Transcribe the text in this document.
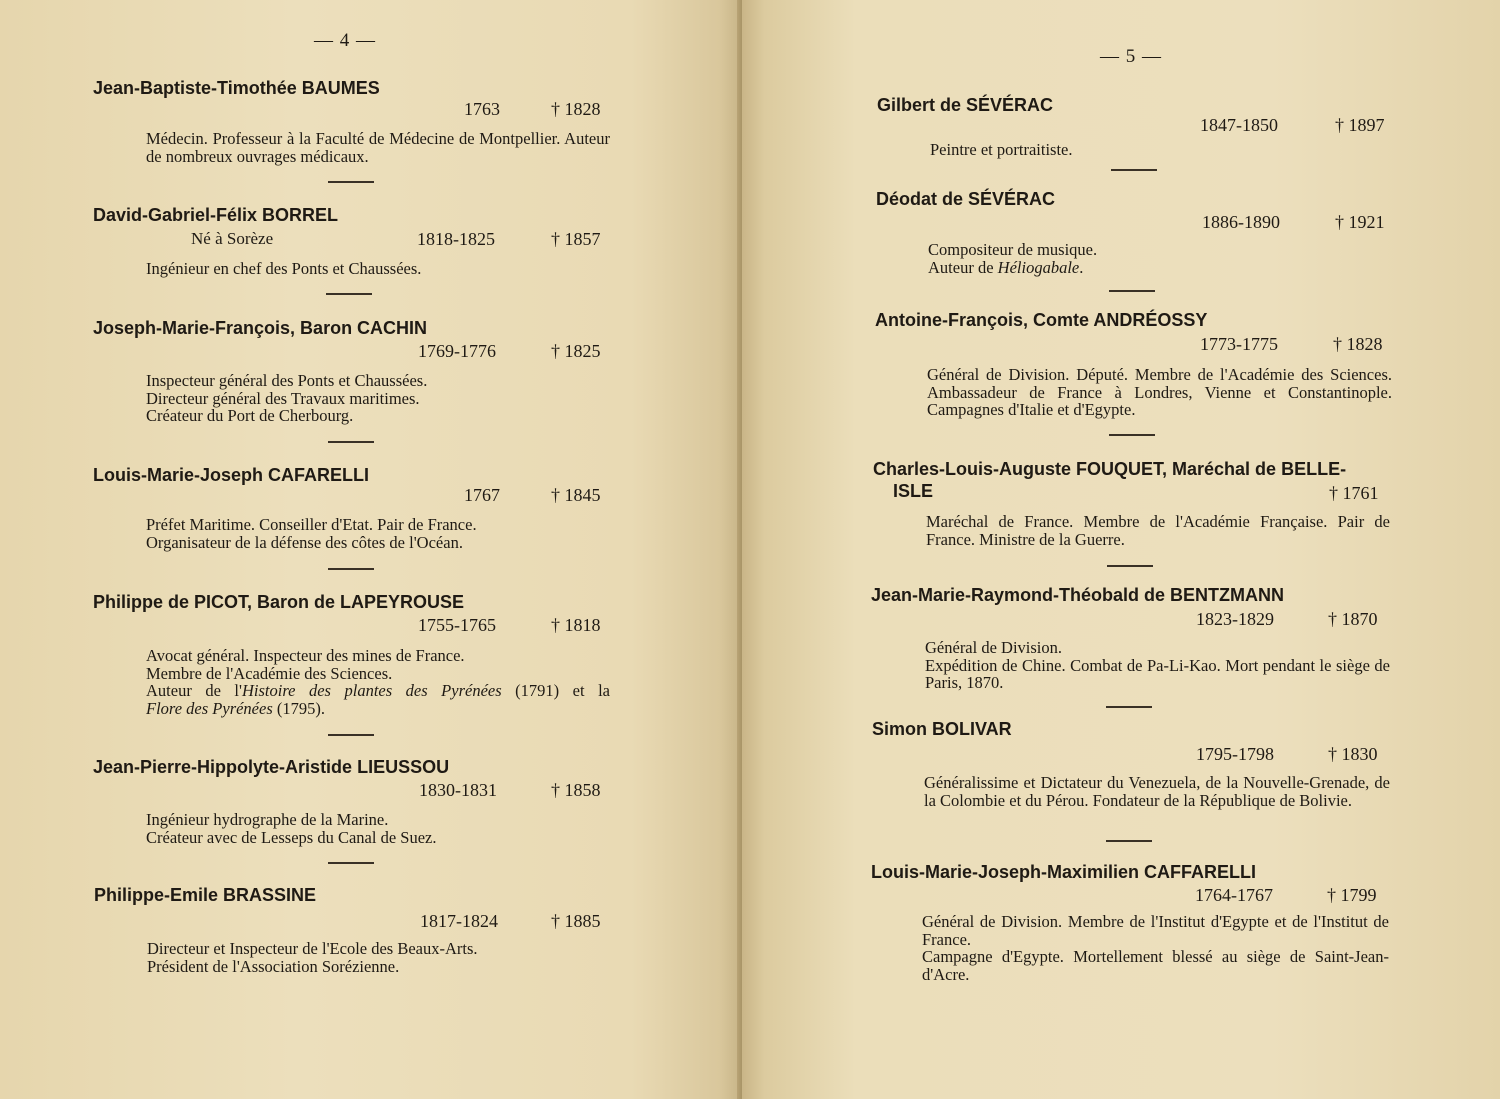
— 4 —
Jean-Baptiste-Timothée BAUMES
1763	† 1828
Médecin. Professeur à la Faculté de Médecine de Montpellier. Auteur de nombreux ouvrages médicaux.
David-Gabriel-Félix BORREL
Né à Sorèze	1818-1825	† 1857
Ingénieur en chef des Ponts et Chaussées.
Joseph-Marie-François, Baron CACHIN
1769-1776	† 1825

Inspecteur général des Ponts et Chaussées.

Directeur général des Travaux maritimes.

Créateur du Port de Cherbourg.

Louis-Marie-Joseph CAFARELLI
1767	† 1845

Préfet Maritime. Conseiller d'Etat. Pair de France.

Organisateur de la défense des côtes de l'Océan.

Philippe de PICOT, Baron de LAPEYROUSE
1755-1765	† 1818

Avocat général. Inspecteur des mines de France.

Membre de l'Académie des Sciences.

Auteur de l'Histoire des plantes des Pyrénées (1791) et la

Flore des Pyrénées (1795).

Jean-Pierre-Hippolyte-Aristide LIEUSSOU
1830-1831	† 1858

Ingénieur hydrographe de la Marine.

Créateur avec de Lesseps du Canal de Suez.

Philippe-Emile BRASSINE
1817-1824	† 1885

Directeur et Inspecteur de l'Ecole des Beaux-Arts.

Président de l'Association Sorézienne.

— 5 —
Gilbert de SÉVÉRAC
1847-1850	† 1897
Peintre et portraitiste.
Déodat de SÉVÉRAC
1886-1890	† 1921

Compositeur de musique.

Auteur de Héliogabale.

Antoine-François, Comte ANDRÉOSSY
1773-1775	† 1828
Général de Division. Député. Membre de l'Académie des Sciences. Ambassadeur de France à Londres, Vienne et Constantinople. Campagnes d'Italie et d'Egypte.
Charles-Louis-Auguste FOUQUET, Maréchal de BELLE-
ISLE	† 1761
Maréchal de France. Membre de l'Académie Française. Pair de France. Ministre de la Guerre.
Jean-Marie-Raymond-Théobald de BENTZMANN
1823-1829	† 1870

Général de Division.

Expédition de Chine. Combat de Pa-Li-Kao. Mort pendant le siège de Paris, 1870.

Simon BOLIVAR
1795-1798	† 1830
Généralissime et Dictateur du Venezuela, de la Nouvelle-Grenade, de la Colombie et du Pérou. Fondateur de la République de Bolivie.
Louis-Marie-Joseph-Maximilien CAFFARELLI
1764-1767	† 1799

Général de Division. Membre de l'Institut d'Egypte et de l'Institut de France.

Campagne d'Egypte. Mortellement blessé au siège de Saint-Jean-d'Acre.
